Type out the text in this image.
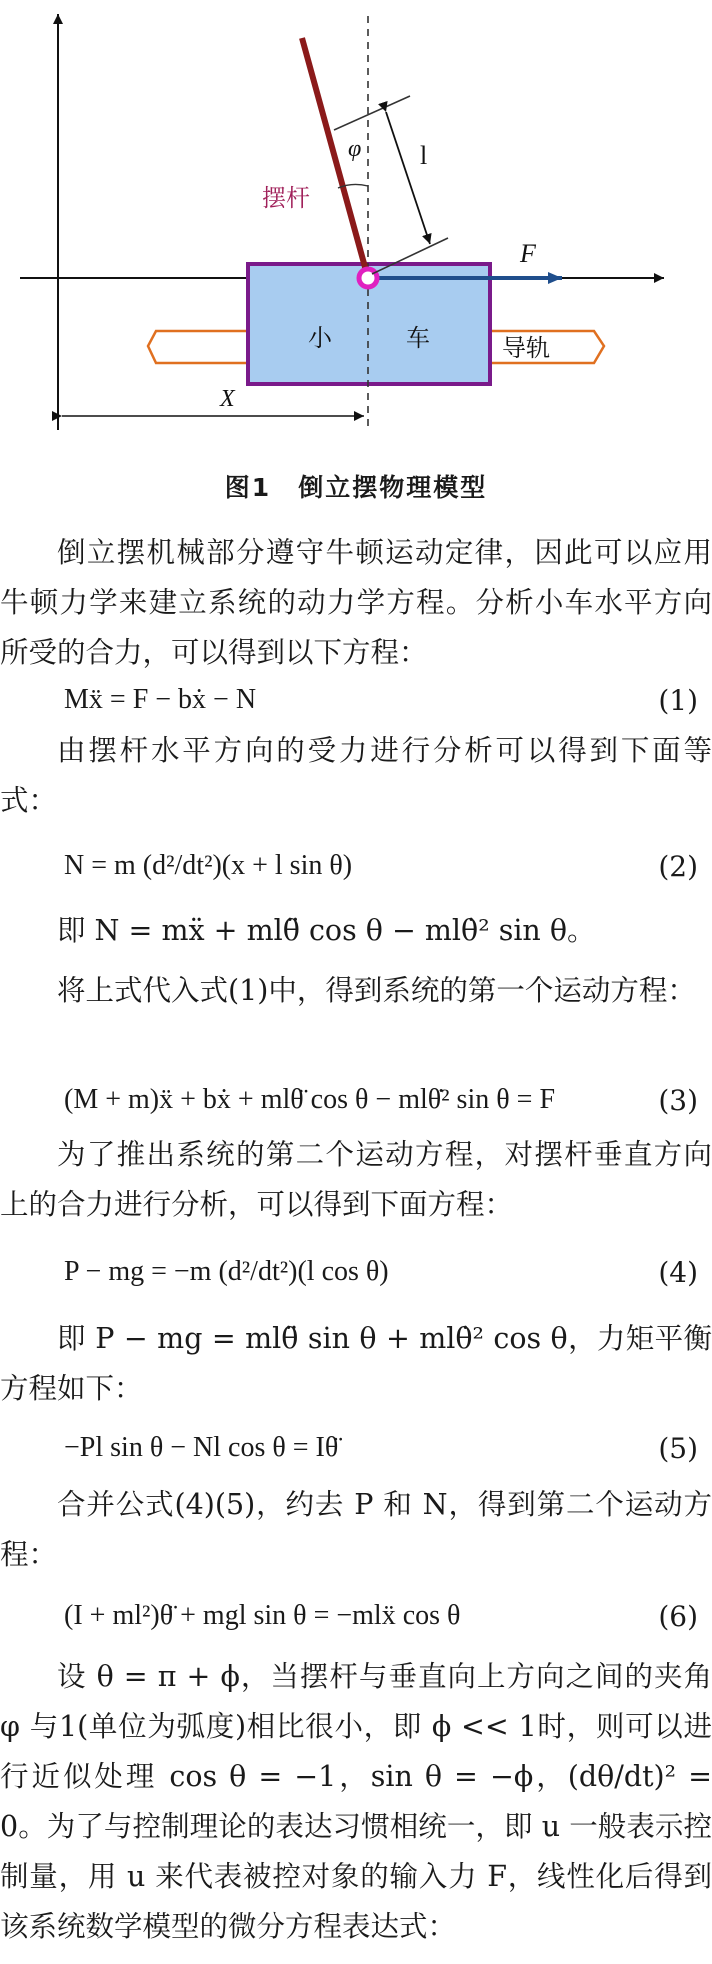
φ l
摆杆
F
小	车	导轨
X
图1　倒立摆物理模型
倒立摆机械部分遵守牛顿运动定律，因此可以应用牛顿力学来建立系统的动力学方程。分析小车水平方向所受的合力，可以得到以下方程：
Mẍ = F − bẋ − N	(1)
由摆杆水平方向的受力进行分析可以得到下面等式：
N = m (d²/dt²)(x + l sin θ)	(2)
即 N = mẍ + mlθ̈ cos θ − mlθ̇² sin θ。
将上式代入式(1)中，得到系统的第一个运动方程：
(M + m)ẍ + bẋ + mlθ̈ cos θ − mlθ̇² sin θ = F	(3)
为了推出系统的第二个运动方程，对摆杆垂直方向上的合力进行分析，可以得到下面方程：
P − mg = −m (d²/dt²)(l cos θ)	(4)
即 P − mg = mlθ̈ sin θ + mlθ̇² cos θ，力矩平衡方程如下：
−Pl sin θ − Nl cos θ = Iθ̈	(5)
合并公式(4)(5)，约去 P 和 N，得到第二个运动方程：
(I + ml²)θ̈ + mgl sin θ = −mlẍ cos θ	(6)
设 θ = π + ϕ，当摆杆与垂直向上方向之间的夹角 φ 与1(单位为弧度)相比很小，即 ϕ << 1时，则可以进行近似处理 cos θ = −1，sin θ = −ϕ，(dθ/dt)² = 0。为了与控制理论的表达习惯相统一，即 u 一般表示控制量，用 u 来代表被控对象的输入力 F，线性化后得到该系统数学模型的微分方程表达式：
